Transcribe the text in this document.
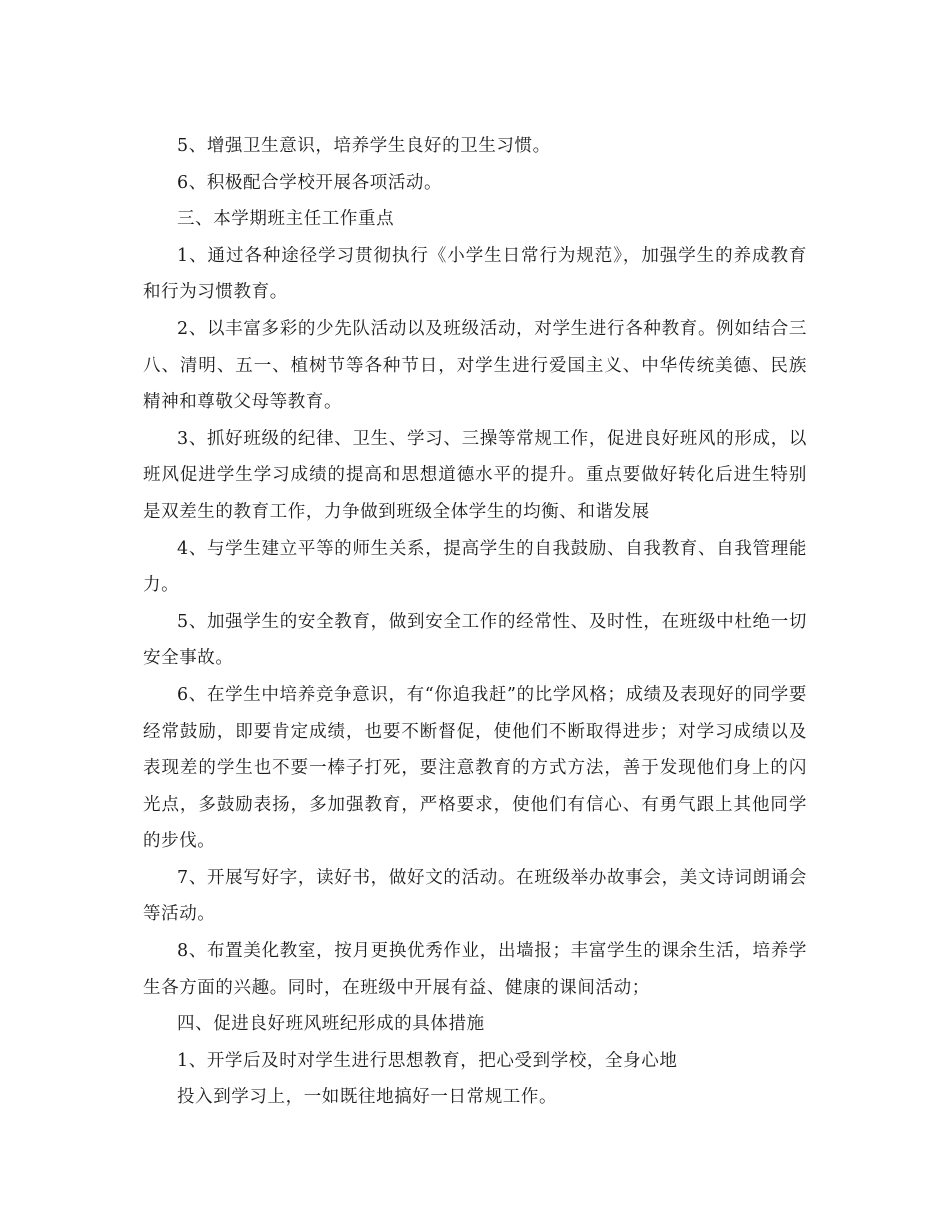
5、增强卫生意识，培养学生良好的卫生习惯。

6、积极配合学校开展各项活动。

三、本学期班主任工作重点

1、通过各种途径学习贯彻执行《小学生日常行为规范》，加强学生的养成教育和行为习惯教育。

2、以丰富多彩的少先队活动以及班级活动，对学生进行各种教育。例如结合三八、清明、五一、植树节等各种节日，对学生进行爱国主义、中华传统美德、民族精神和尊敬父母等教育。

3、抓好班级的纪律、卫生、学习、三操等常规工作，促进良好班风的形成，以班风促进学生学习成绩的提高和思想道德水平的提升。重点要做好转化后进生特别是双差生的教育工作，力争做到班级全体学生的均衡、和谐发展

4、与学生建立平等的师生关系，提高学生的自我鼓励、自我教育、自我管理能力。

5、加强学生的安全教育，做到安全工作的经常性、及时性，在班级中杜绝一切安全事故。

6、在学生中培养竞争意识，有“你追我赶”的比学风格；成绩及表现好的同学要经常鼓励，即要肯定成绩，也要不断督促，使他们不断取得进步；对学习成绩以及表现差的学生也不要一棒子打死，要注意教育的方式方法，善于发现他们身上的闪光点，多鼓励表扬，多加强教育，严格要求，使他们有信心、有勇气跟上其他同学的步伐。

7、开展写好字，读好书，做好文的活动。在班级举办故事会，美文诗词朗诵会等活动。

8、布置美化教室，按月更换优秀作业，出墙报；丰富学生的课余生活，培养学生各方面的兴趣。同时，在班级中开展有益、健康的课间活动；

四、促进良好班风班纪形成的具体措施

1、开学后及时对学生进行思想教育，把心受到学校，全身心地

投入到学习上，一如既往地搞好一日常规工作。
